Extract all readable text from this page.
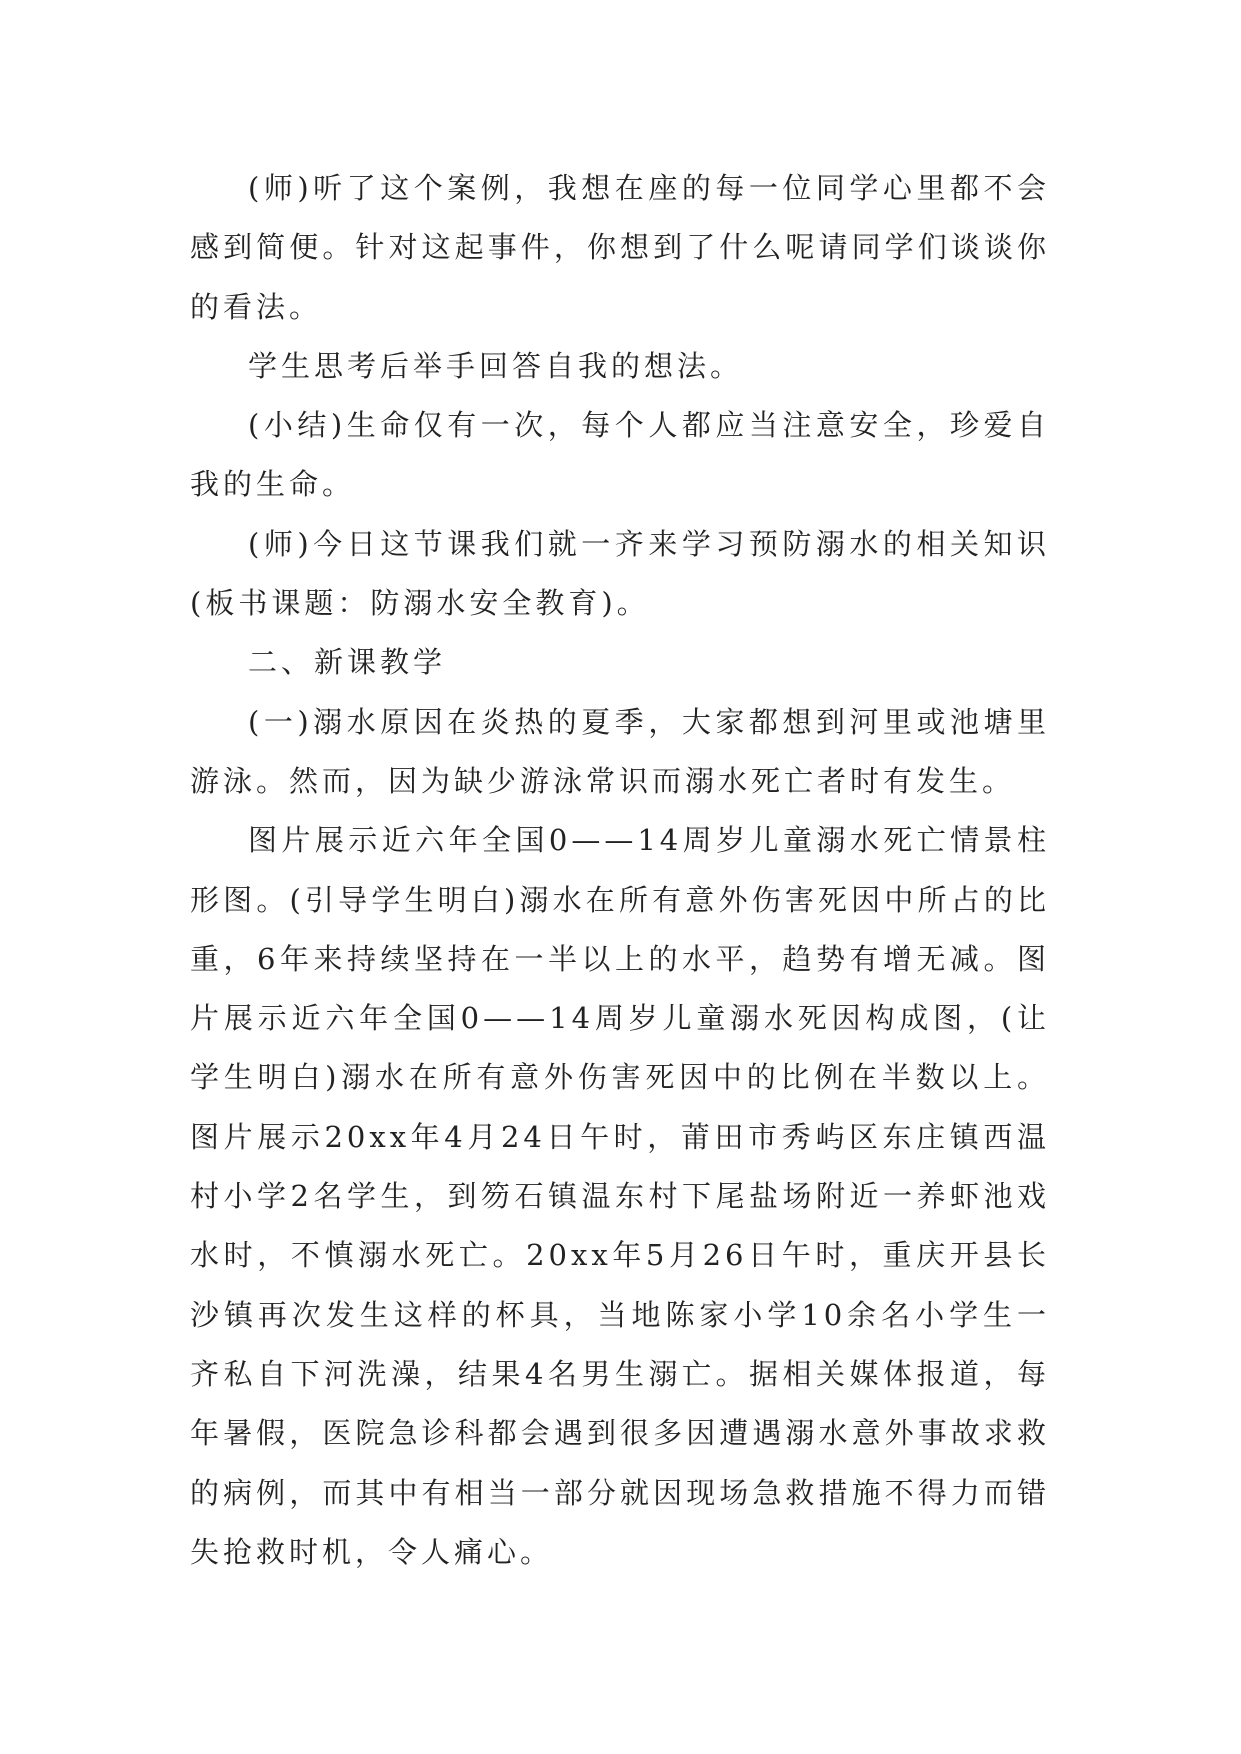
(师)听了这个案例，我想在座的每一位同学心里都不会感到简便。针对这起事件，你想到了什么呢请同学们谈谈你的看法。

学生思考后举手回答自我的想法。

(小结)生命仅有一次，每个人都应当注意安全，珍爱自我的生命。

(师)今日这节课我们就一齐来学习预防溺水的相关知识(板书课题：防溺水安全教育)。

二、新课教学

(一)溺水原因在炎热的夏季，大家都想到河里或池塘里游泳。然而，因为缺少游泳常识而溺水死亡者时有发生。

图片展示近六年全国0——14周岁儿童溺水死亡情景柱形图。(引导学生明白)溺水在所有意外伤害死因中所占的比重，6年来持续坚持在一半以上的水平，趋势有增无减。图片展示近六年全国0——14周岁儿童溺水死因构成图，(让学生明白)溺水在所有意外伤害死因中的比例在半数以上。图片展示20xx年4月24日午时，莆田市秀屿区东庄镇西温村小学2名学生，到笏石镇温东村下尾盐场附近一养虾池戏水时，不慎溺水死亡。20xx年5月26日午时，重庆开县长沙镇再次发生这样的杯具，当地陈家小学10余名小学生一齐私自下河洗澡，结果4名男生溺亡。据相关媒体报道，每年暑假，医院急诊科都会遇到很多因遭遇溺水意外事故求救的病例，而其中有相当一部分就因现场急救措施不得力而错失抢救时机，令人痛心。
